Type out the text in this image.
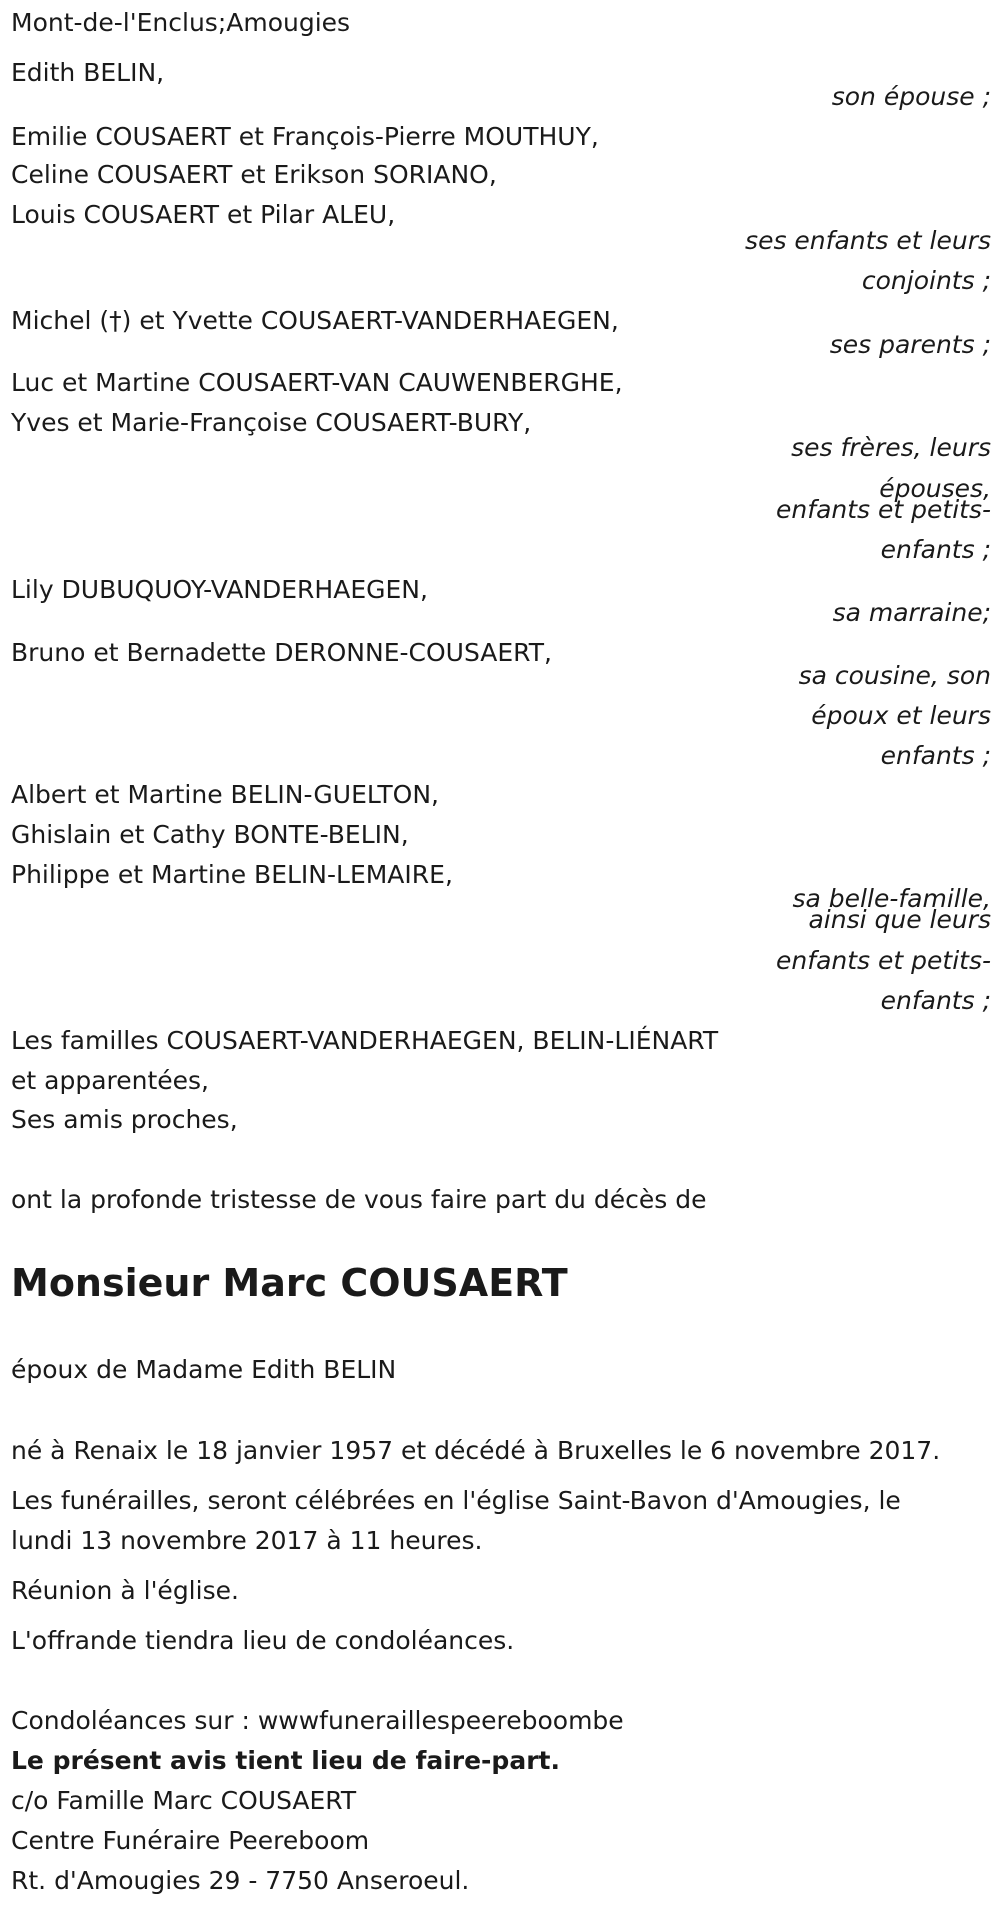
Mont-de-l'Enclus;Amougies
Edith BELIN,
son épouse ;
Emilie COUSAERT et François-Pierre MOUTHUY,
Celine COUSAERT et Erikson SORIANO,
Louis COUSAERT et Pilar ALEU,
ses enfants et leurs
conjoints ;
Michel (†) et Yvette COUSAERT-VANDERHAEGEN,
ses parents ;
Luc et Martine COUSAERT-VAN CAUWENBERGHE,
Yves et Marie-Françoise COUSAERT-BURY,
ses frères, leurs
épouses,
enfants et petits-
enfants ;
Lily DUBUQUOY-VANDERHAEGEN,
sa marraine;
Bruno et Bernadette DERONNE-COUSAERT,
sa cousine, son
époux et leurs
enfants ;
Albert et Martine BELIN-GUELTON,
Ghislain et Cathy BONTE-BELIN,
Philippe et Martine BELIN-LEMAIRE,
sa belle-famille,
ainsi que leurs
enfants et petits-
enfants ;
Les familles COUSAERT-VANDERHAEGEN, BELIN-LIÉNART
et apparentées,
Ses amis proches,
ont la profonde tristesse de vous faire part du décès de
Monsieur Marc COUSAERT
époux de Madame Edith BELIN
né à Renaix le 18 janvier 1957 et décédé à Bruxelles le 6 novembre 2017.
Les funérailles, seront célébrées en l'église Saint-Bavon d'Amougies, le
lundi 13 novembre 2017 à 11 heures.
Réunion à l'église.
L'offrande tiendra lieu de condoléances.
Condoléances sur : wwwfuneraillespeereboombe
Le présent avis tient lieu de faire-part.
c/o Famille Marc COUSAERT
Centre Funéraire Peereboom
Rt. d'Amougies 29 - 7750 Anseroeul.
